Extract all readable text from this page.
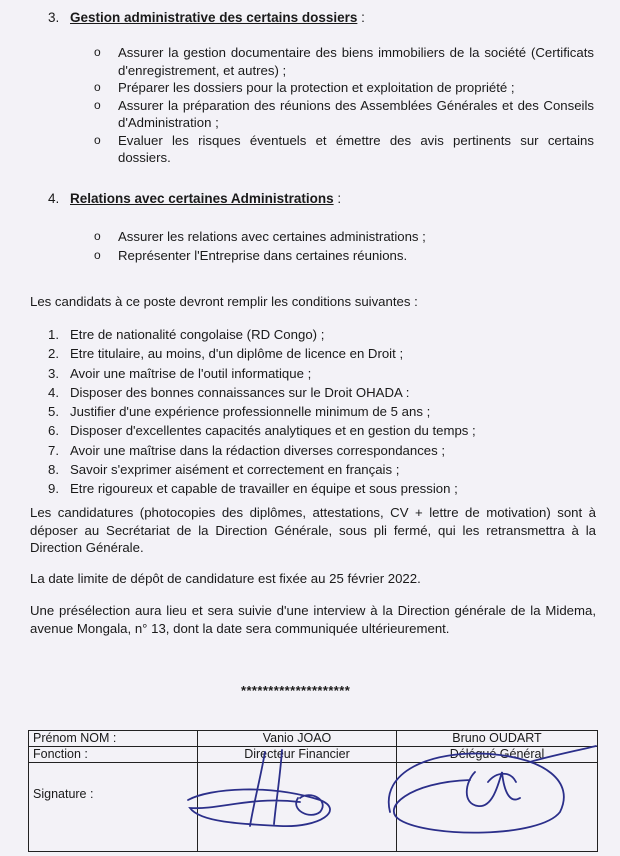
3. Gestion administrative des certains dossiers :
o Assurer la gestion documentaire des biens immobiliers de la société (Certificats d'enregistrement, et autres) ;
o Préparer les dossiers pour la protection et exploitation de propriété ;
o Assurer la préparation des réunions des Assemblées Générales et des Conseils d'Administration ;
o Evaluer les risques éventuels et émettre des avis pertinents sur certains dossiers.
4. Relations avec certaines Administrations :
o Assurer les relations avec certaines administrations ;
o Représenter l'Entreprise dans certaines réunions.
Les candidats à ce poste devront remplir les conditions suivantes :
1. Etre de nationalité congolaise (RD Congo) ;
2. Etre titulaire, au moins, d'un diplôme de licence en Droit ;
3. Avoir une maîtrise de l'outil informatique ;
4. Disposer des bonnes connaissances sur le Droit OHADA :
5. Justifier d'une expérience professionnelle minimum de 5 ans ;
6. Disposer d'excellentes capacités analytiques et en gestion du temps ;
7. Avoir une maîtrise dans la rédaction diverses correspondances ;
8. Savoir s'exprimer aisément et correctement en français ;
9. Etre rigoureux et capable de travailler en équipe et sous pression ;
Les candidatures (photocopies des diplômes, attestations, CV + lettre de motivation) sont à déposer au Secrétariat de la Direction Générale, sous pli fermé, qui les retransmettra à la Direction Générale.
La date limite de dépôt de candidature est fixée au 25 février 2022.
Une présélection aura lieu et sera suivie d'une interview à la Direction générale de la Midema, avenue Mongala, n° 13, dont la date sera communiquée ultérieurement.
********************
Prénom NOM :	Vanio JOAO	Bruno OUDART
Fonction :	Directeur Financier	Délégué Général

Signature :		
